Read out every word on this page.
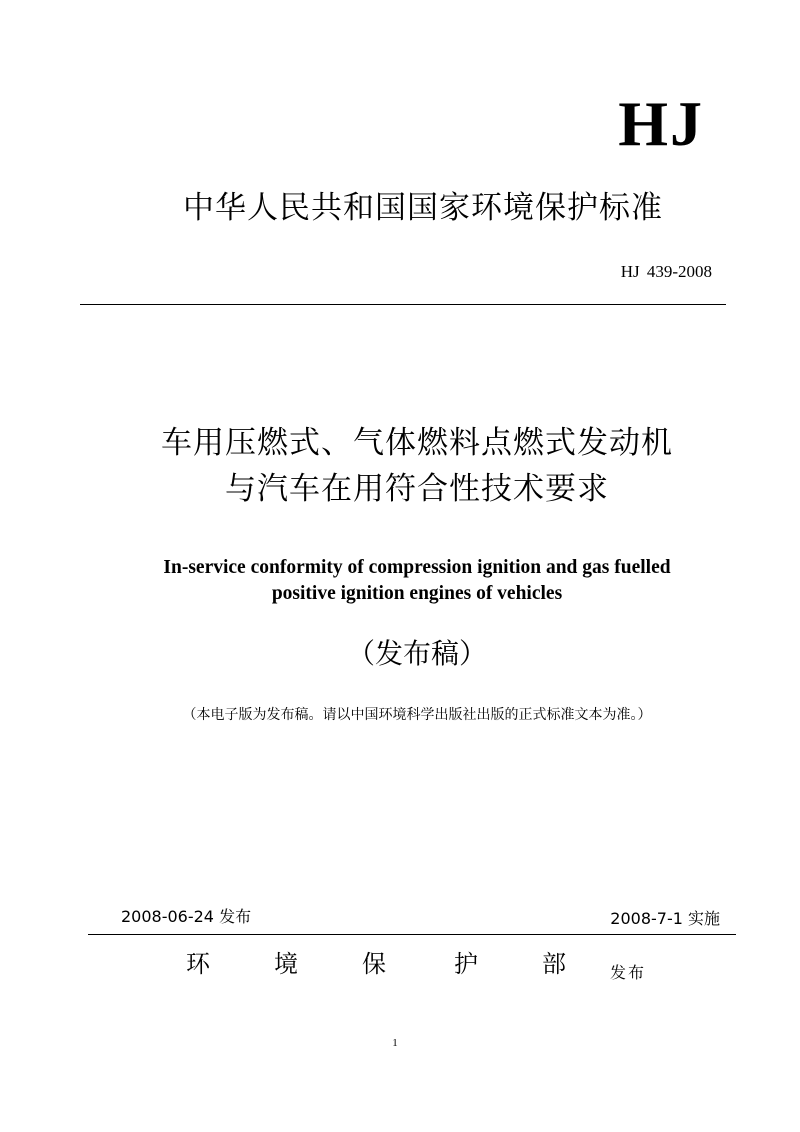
HJ
中华人民共和国国家环境保护标准
HJ 439-2008
车用压燃式、气体燃料点燃式发动机
与汽车在用符合性技术要求
In-service conformity of compression ignition and gas fuelled
positive ignition engines of vehicles
（发布稿）
（本电子版为发布稿。请以中国环境科学出版社出版的正式标准文本为准。）
2008-06-24 发布	2008-7-1 实施
环	境	保	护	部	发布
1
